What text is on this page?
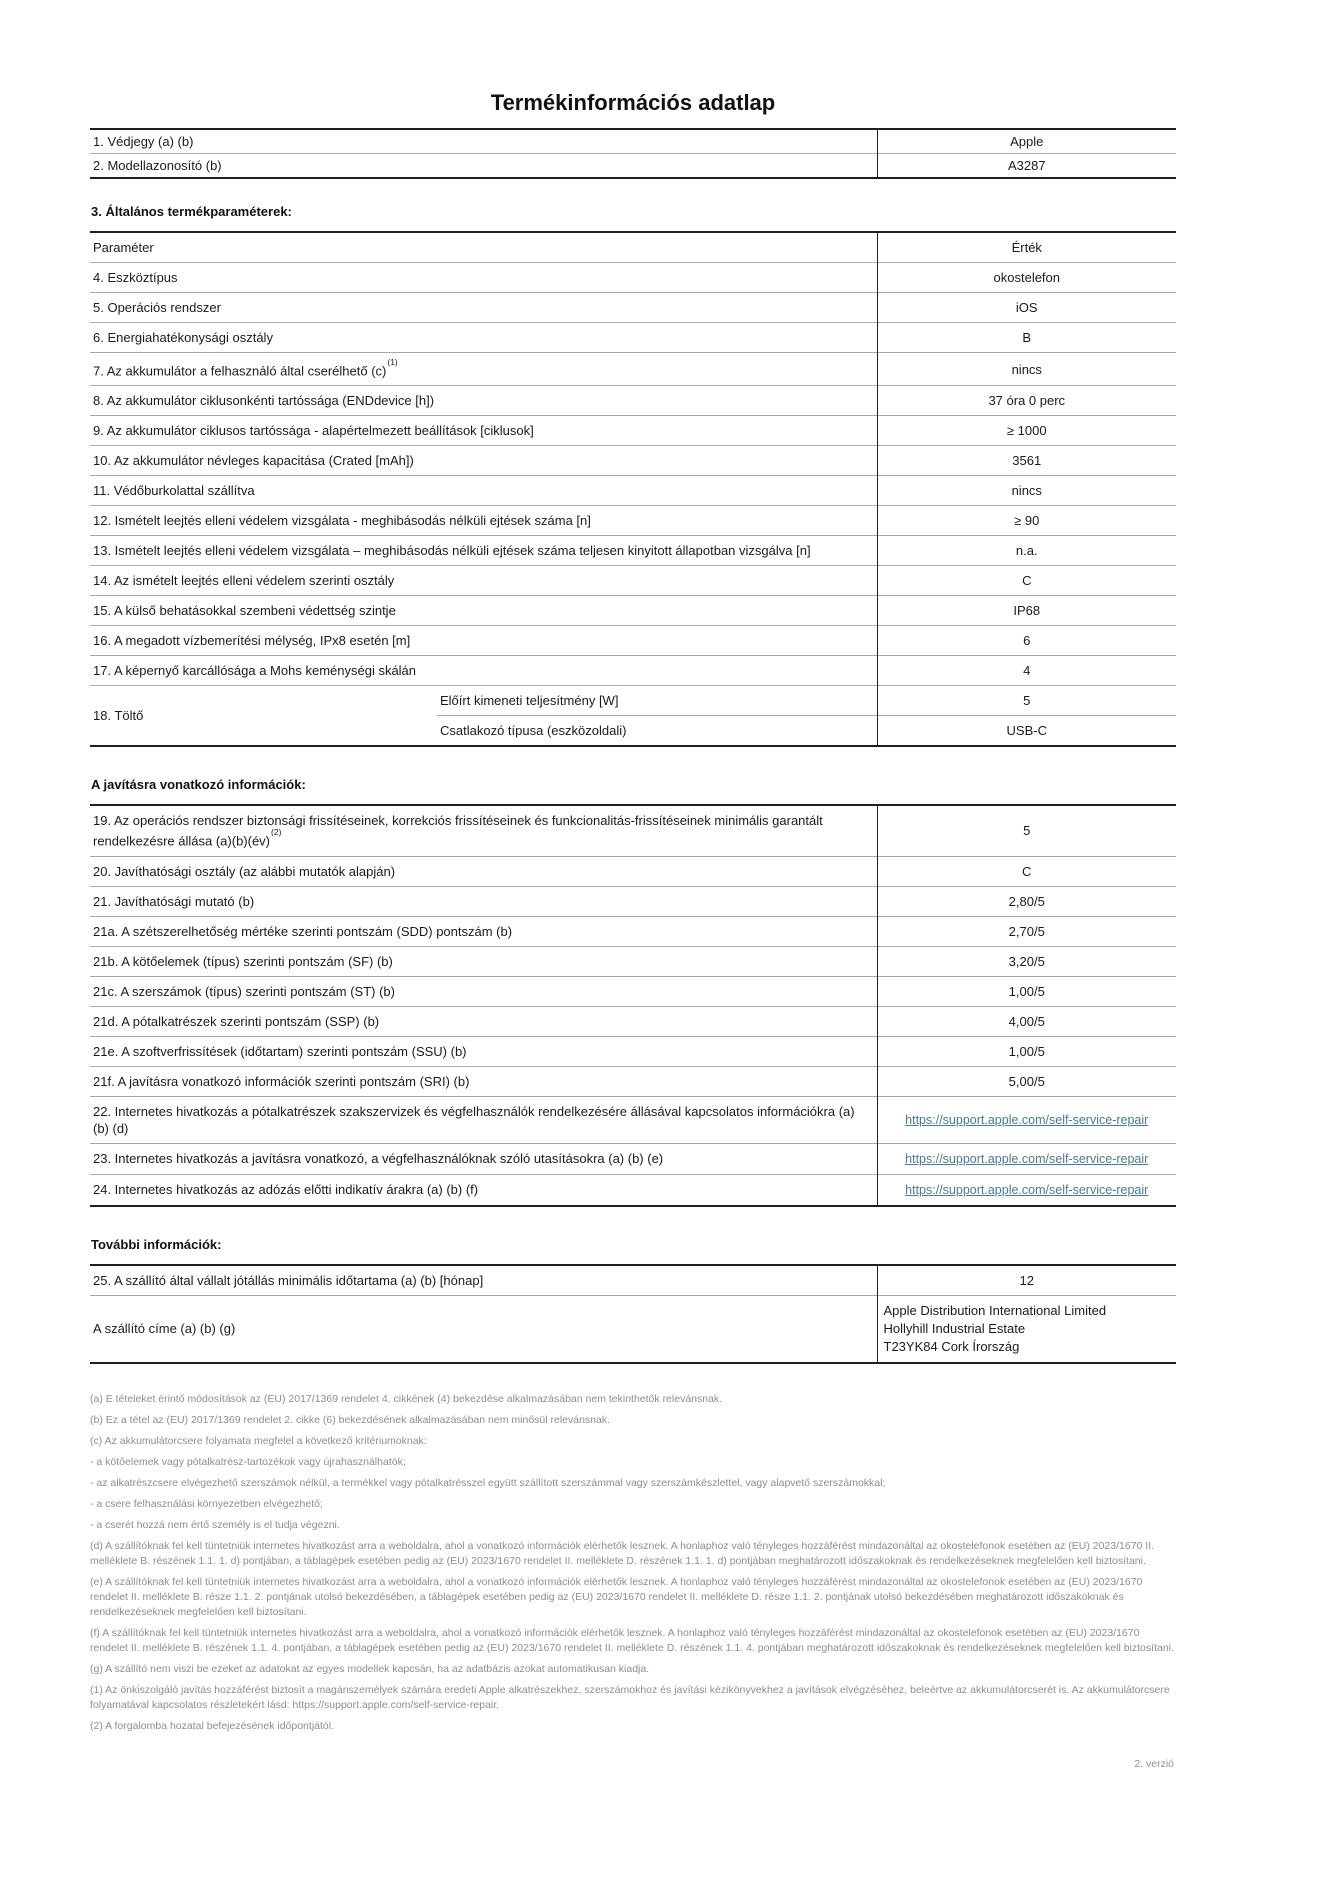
Termékinformációs adatlap
1. Védjegy (a) (b)	Apple
2. Modellazonosító (b)	A3287
3. Általános termékparaméterek:
Paraméter		Érték
4. Eszköztípus		okostelefon
5. Operációs rendszer		iOS
6. Energiahatékonysági osztály		B
7. Az akkumulátor a felhasználó által cserélhető (c)$^{(1)}$		nincs
8. Az akkumulátor ciklusonkénti tartóssága (ENDdevice [h])		37 óra 0 perc
9. Az akkumulátor ciklusos tartóssága - alapértelmezett beállítások [ciklusok]		≥ 1000
10. Az akkumulátor névleges kapacitása (Crated [mAh])		3561
11. Védőburkolattal szállítva		nincs
12. Ismételt leejtés elleni védelem vizsgálata - meghibásodás nélküli ejtések száma [n]		≥ 90
13. Ismételt leejtés elleni védelem vizsgálata – meghibásodás nélküli ejtések száma teljesen kinyitott állapotban vizsgálva [n]		n.a.
14. Az ismételt leejtés elleni védelem szerinti osztály		C
15. A külső behatásokkal szembeni védettség szintje		IP68
16. A megadott vízbemerítési mélység, IPx8 esetén [m]		6
17. A képernyő karcállósága a Mohs keménységi skálán		4
18. Töltő	Előírt kimeneti teljesítmény [W]	5
	Csatlakozó típusa (eszközoldali)	USB-C
A javításra vonatkozó információk:
19. Az operációs rendszer biztonsági frissítéseinek, korrekciós frissítéseinek és funkcionalitás-frissítéseinek minimális garantált rendelkezésre állása (a)(b)(év)$^{(2)}$	5
20. Javíthatósági osztály (az alábbi mutatók alapján)	C
21. Javíthatósági mutató (b)	2,80/5
21a. A szétszerelhetőség mértéke szerinti pontszám (SDD) pontszám (b)	2,70/5
21b. A kötőelemek (típus) szerinti pontszám (SF) (b)	3,20/5
21c. A szerszámok (típus) szerinti pontszám (ST) (b)	1,00/5
21d. A pótalkatrészek szerinti pontszám (SSP) (b)	4,00/5
21e. A szoftverfrissítések (időtartam) szerinti pontszám (SSU) (b)	1,00/5
21f. A javításra vonatkozó információk szerinti pontszám (SRI) (b)	5,00/5
22. Internetes hivatkozás a pótalkatrészek szakszervizek és végfelhasználók rendelkezésére állásával kapcsolatos információkra (a) (b) (d)	https://support.apple.com/self-service-repair
23. Internetes hivatkozás a javításra vonatkozó, a végfelhasználóknak szóló utasításokra (a) (b) (e)	https://support.apple.com/self-service-repair
24. Internetes hivatkozás az adózás előtti indikatív árakra (a) (b) (f)	https://support.apple.com/self-service-repair
További információk:
25. A szállító által vállalt jótállás minimális időtartama (a) (b) [hónap]	12
A szállító címe (a) (b) (g)	Apple Distribution International Limited
Hollyhill Industrial Estate
T23YK84 Cork Írország

(a) E tételeket érintő módosítások az (EU) 2017/1369 rendelet 4. cikkének (4) bekezdése alkalmazásában nem tekinthetők relevánsnak.

(b) Ez a tétel az (EU) 2017/1369 rendelet 2. cikke (6) bekezdésének alkalmazásában nem minősül relevánsnak.

(c) Az akkumulátorcsere folyamata megfelel a következő kritériumoknak:

- a kötőelemek vagy pótalkatrész-tartozékok vagy újrahasználhatók;

- az alkatrészcsere elvégezhető szerszámok nélkül, a termékkel vagy pótalkatrésszel együtt szállított szerszámmal vagy szerszámkészlettel, vagy alapvető szerszámokkal;

- a csere felhasználási környezetben elvégezhető;

- a cserét hozzá nem értő személy is el tudja végezni.

(d) A szállítóknak fel kell tüntetniük internetes hivatkozást arra a weboldalra, ahol a vonatkozó információk elérhetők lesznek. A honlaphoz való tényleges hozzáférést mindazonáltal az okostelefonok esetében az (EU) 2023/1670 II. melléklete B. részének 1.1. 1. d) pontjában, a táblagépek esetében pedig az (EU) 2023/1670 rendelet II. melléklete D. részének 1.1. 1. d) pontjában meghatározott időszakoknak és rendelkezéseknek megfelelően kell biztosítani.

(e) A szállítóknak fel kell tüntetniük internetes hivatkozást arra a weboldalra, ahol a vonatkozó információk elérhetők lesznek. A honlaphoz való tényleges hozzáférést mindazonáltal az okostelefonok esetében az (EU) 2023/1670 rendelet II. melléklete B. része 1.1. 2. pontjának utolsó bekezdésében, a táblagépek esetében pedig az (EU) 2023/1670 rendelet II. melléklete D. része 1.1. 2. pontjának utolsó bekezdésében meghatározott időszakoknak és rendelkezéseknek megfelelően kell biztosítani.

(f) A szállítóknak fel kell tüntetniük internetes hivatkozást arra a weboldalra, ahol a vonatkozó információk elérhetők lesznek. A honlaphoz való tényleges hozzáférést mindazonáltal az okostelefonok esetében az (EU) 2023/1670 rendelet II. melléklete B. részének 1.1. 4. pontjában, a táblagépek esetében pedig az (EU) 2023/1670 rendelet II. melléklete D. részének 1.1. 4. pontjában meghatározott időszakoknak és rendelkezéseknek megfelelően kell biztosítani.

(g) A szállító nem viszi be ezeket az adatokat az egyes modellek kapcsán, ha az adatbázis azokat automatikusan kiadja.

(1) Az önkiszolgáló javítás hozzáférést biztosít a magánszemélyek számára eredeti Apple alkatrészekhez, szerszámokhoz és javítási kézikönyvekhez a javítások elvégzéséhez, beleértve az akkumulátorcserét is. Az akkumulátorcsere folyamatával kapcsolatos részletekért lásd: https://support.apple.com/self-service-repair.

(2) A forgalomba hozatal befejezésének időpontjától.

2. verzió
